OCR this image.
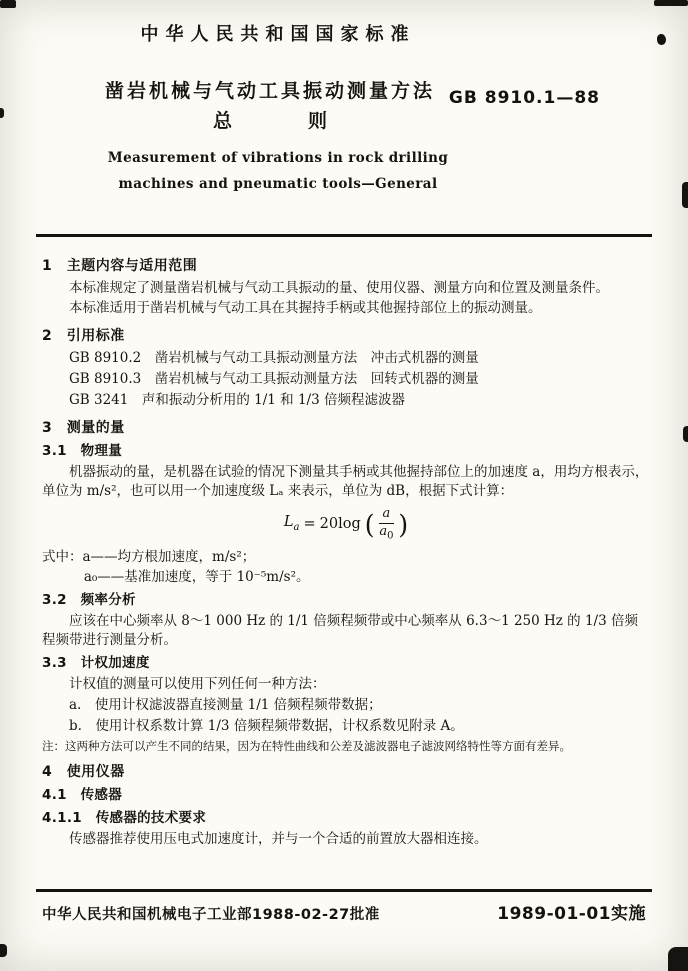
中华人民共和国国家标准
凿岩机械与气动工具振动测量方法
总　　　　则
GB 8910.1—88
Measurement of vibrations in rock drilling
machines and pneumatic tools—General
1　主题内容与适用范围

本标准规定了测量凿岩机械与气动工具振动的量、使用仪器、测量方向和位置及测量条件。

本标准适用于凿岩机械与气动工具在其握持手柄或其他握持部位上的振动测量。

2　引用标准

GB 8910.2　凿岩机械与气动工具振动测量方法　冲击式机器的测量

GB 8910.3　凿岩机械与气动工具振动测量方法　回转式机器的测量

GB 3241　声和振动分析用的 1/1 和 1/3 倍频程滤波器

3　测量的量
3.1　物理量

机器振动的量，是机器在试验的情况下测量其手柄或其他握持部位上的加速度 a，用均方根表示，单位为 m/s²，也可以用一个加速度级 Lₐ 来表示，单位为 dB，根据下式计算：

$L_a = 20\log$ ( $\frac{a}{a_0}$ )

式中：a——均方根加速度，m/s²；

a₀——基准加速度，等于 10⁻⁵m/s²。

3.2　频率分析

应该在中心频率从 8～1 000 Hz 的 1/1 倍频程频带或中心频率从 6.3～1 250 Hz 的 1/3 倍频程频带进行测量分析。

3.3　计权加速度

计权值的测量可以使用下列任何一种方法：

a.　使用计权滤波器直接测量 1/1 倍频程频带数据；

b.　使用计权系数计算 1/3 倍频程频带数据，计权系数见附录 A。

注：这两种方法可以产生不同的结果，因为在特性曲线和公差及滤波器电子滤波网络特性等方面有差异。

4　使用仪器
4.1　传感器
4.1.1　传感器的技术要求

传感器推荐使用压电式加速度计，并与一个合适的前置放大器相连接。

中华人民共和国机械电子工业部1988-02-27批准	1989-01-01实施
